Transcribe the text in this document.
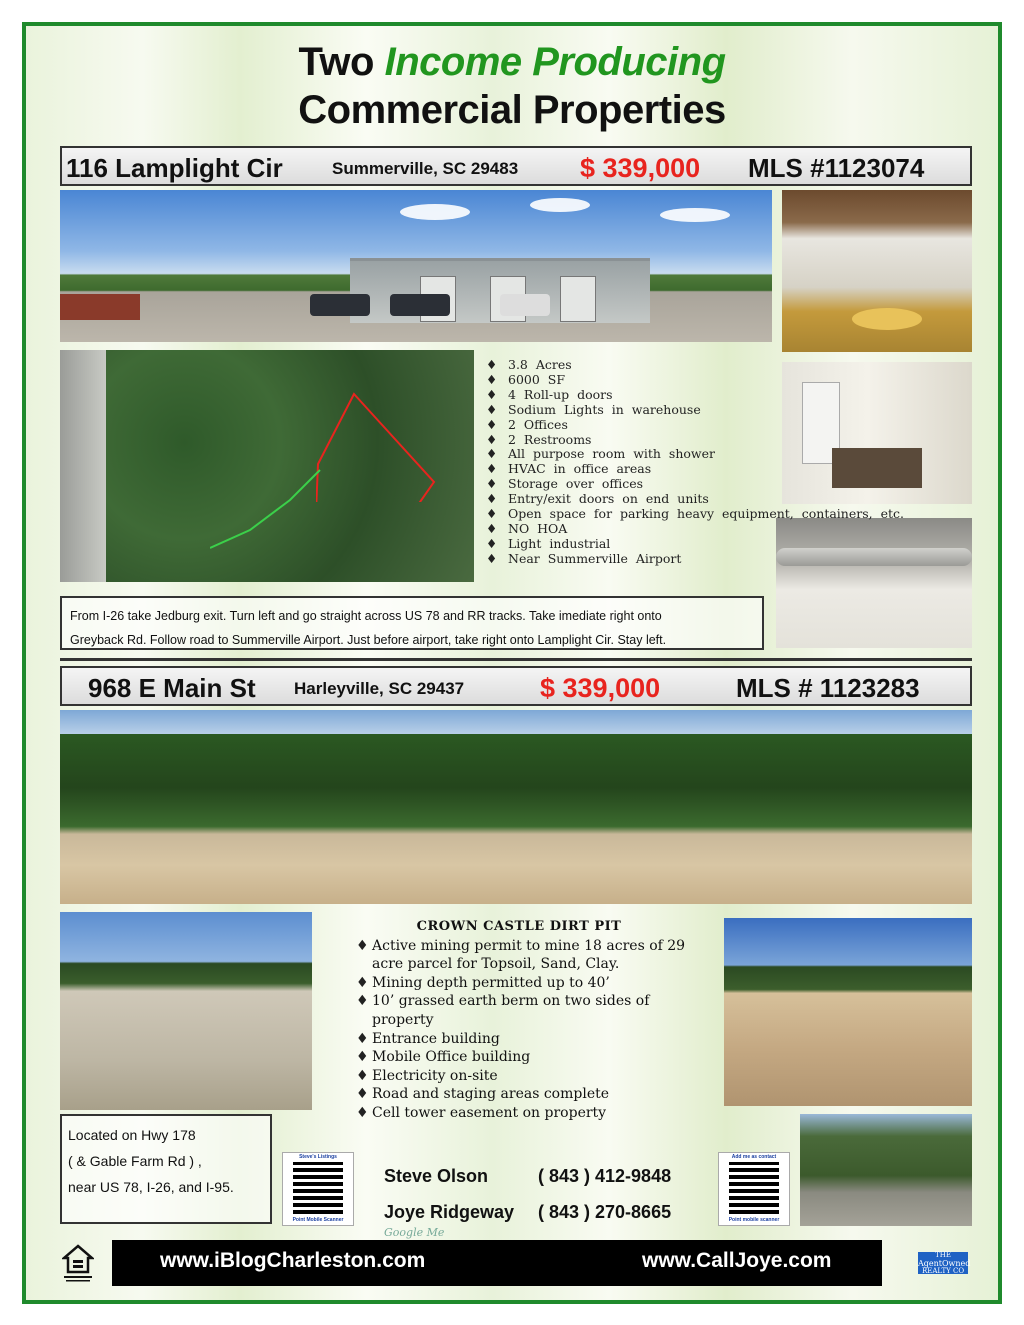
Two Income Producing
Commercial Properties
116 Lamplight Cir	Summerville, SC 29483 $ 339,000 MLS #1123074
♦ 3.8 Acres
♦ 6000 SF
♦ 4 Roll-up doors
♦ Sodium Lights in warehouse
♦ 2 Offices
♦ 2 Restrooms
♦ All purpose room with shower
♦ HVAC in office areas
♦ Storage over offices
♦ Entry/exit doors on end units
♦ Open space for parking heavy equipment, containers, etc.
♦ NO HOA
♦ Light industrial
♦ Near Summerville Airport
From I-26 take Jedburg exit. Turn left and go straight across US 78 and RR tracks. Take imediate right onto
Greyback Rd. Follow road to Summerville Airport. Just before airport, take right onto Lamplight Cir. Stay left.
968 E Main St Harleyville, SC 29437	$ 339,000	MLS # 1123283
CROWN CASTLE DIRT PIT
♦ Active mining permit to mine 18 acres of 29 acre parcel for Topsoil, Sand, Clay.
♦ Mining depth permitted up to 40’
♦ 10’ grassed earth berm on two sides of property
♦ Entrance building
♦ Mobile Office building
♦ Electricity on-site
♦ Road and staging areas complete
♦ Cell tower easement on property
Located on Hwy 178
( & Gable Farm Rd ) ,
near US 78, I-26, and I-95.
Steve's Listings
Point Mobile Scanner
Steve Olson	( 843 ) 412-9848
Joye Ridgeway ( 843 ) 270-8665
Google Me
Add me as contact
Point mobile scanner
www.iBlogCharleston.com	www.CallJoye.com	THE
AgentOwned
REALTY CO
